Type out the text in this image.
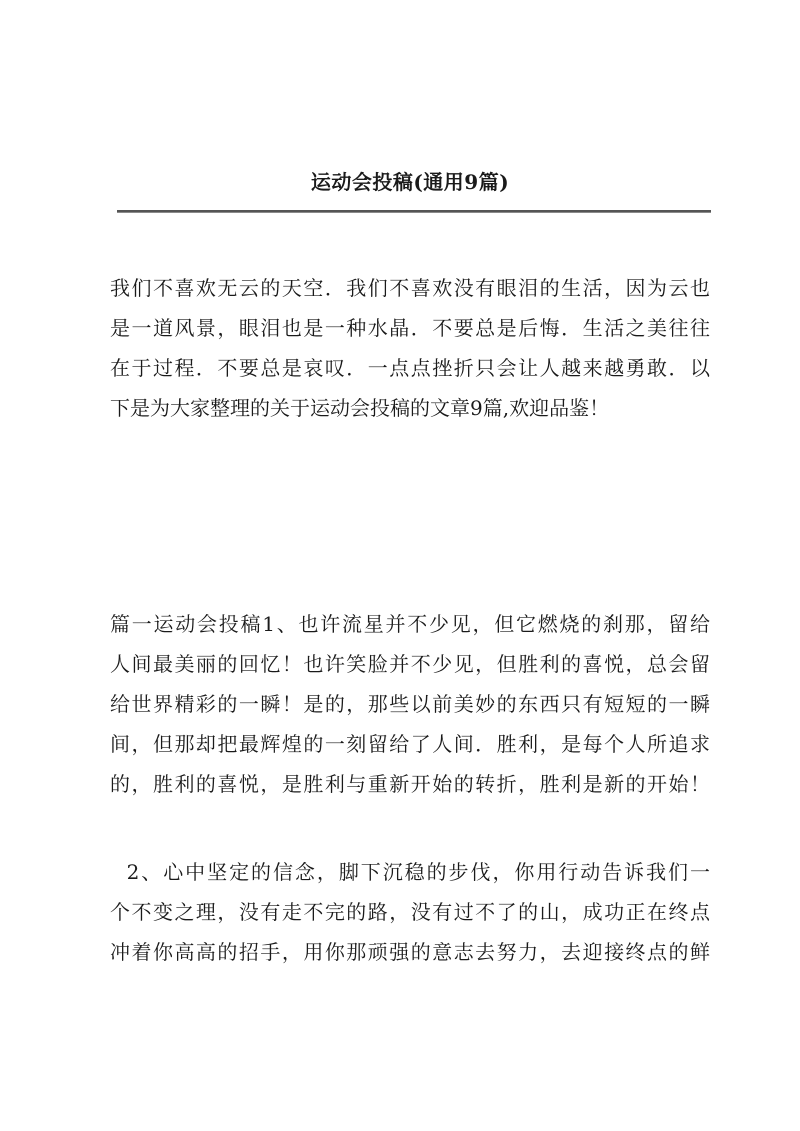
运动会投稿(通用9篇)

我们不喜欢无云的天空．我们不喜欢没有眼泪的生活，因为云也
是一道风景，眼泪也是一种水晶．不要总是后悔．生活之美往往
在于过程．不要总是哀叹．一点点挫折只会让人越来越勇敢．以
下是为大家整理的关于运动会投稿的文章9篇,欢迎品鉴！

篇一运动会投稿1、也许流星并不少见，但它燃烧的刹那，留给
人间最美丽的回忆！也许笑脸并不少见，但胜利的喜悦，总会留
给世界精彩的一瞬！是的，那些以前美妙的东西只有短短的一瞬
间，但那却把最辉煌的一刻留给了人间．胜利，是每个人所追求
的，胜利的喜悦，是胜利与重新开始的转折，胜利是新的开始！

2、心中坚定的信念，脚下沉稳的步伐，你用行动告诉我们一
个不变之理，没有走不完的路，没有过不了的山，成功正在终点
冲着你高高的招手，用你那顽强的意志去努力，去迎接终点的鲜
